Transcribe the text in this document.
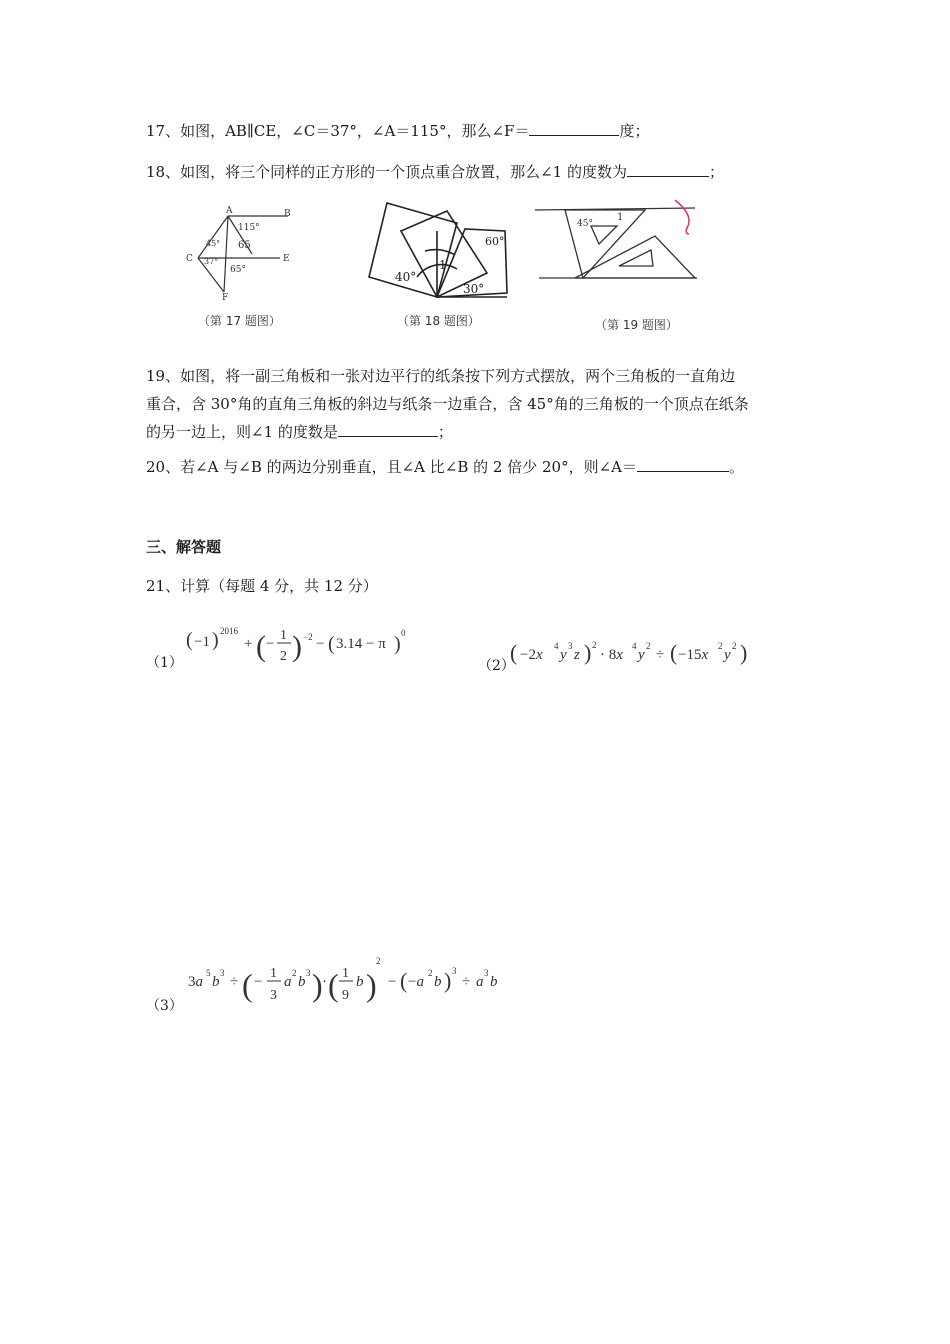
17、如图，AB∥CE，∠C＝37°，∠A＝115°，那么∠F＝	度；
18、如图，将三个同样的正方形的一个顶点重合放置，那么∠1 的度数为	；
A	B
C	E
F
115°
65
65°
45°
37°
（第 17 题图）
60°
40°
30°
1
（第 18 题图）
45°
1
（第 19 题图）
19、如图，将一副三角板和一张对边平行的纸条按下列方式摆放，两个三角板的一直角边
重合，含 30°角的直角三角板的斜边与纸条一边重合，含 45°角的三角板的一个顶点在纸条
的另一边上，则∠1 的度数是	；
20、若∠A 与∠B 的两边分别垂直，且∠A 比∠B 的 2 倍少 20°，则∠A＝	。
三、解答题
21、计算（每题 4 分，共 12 分）
（1）
( −1 ) 2016
+ ( −
1
2 ) −2 − ( 3.14 − π ) 0
（2）
( −2x
4
y
3
z ) 2
· 8x
4
y
2
÷ ( −15x
2
y
2 )
（3）
3a
5
b
3
÷ ( −
1
3
a
2
b
3 ) · ( 1
9
b )
2
− ( −a
2
b ) 3
÷ a
3
b
